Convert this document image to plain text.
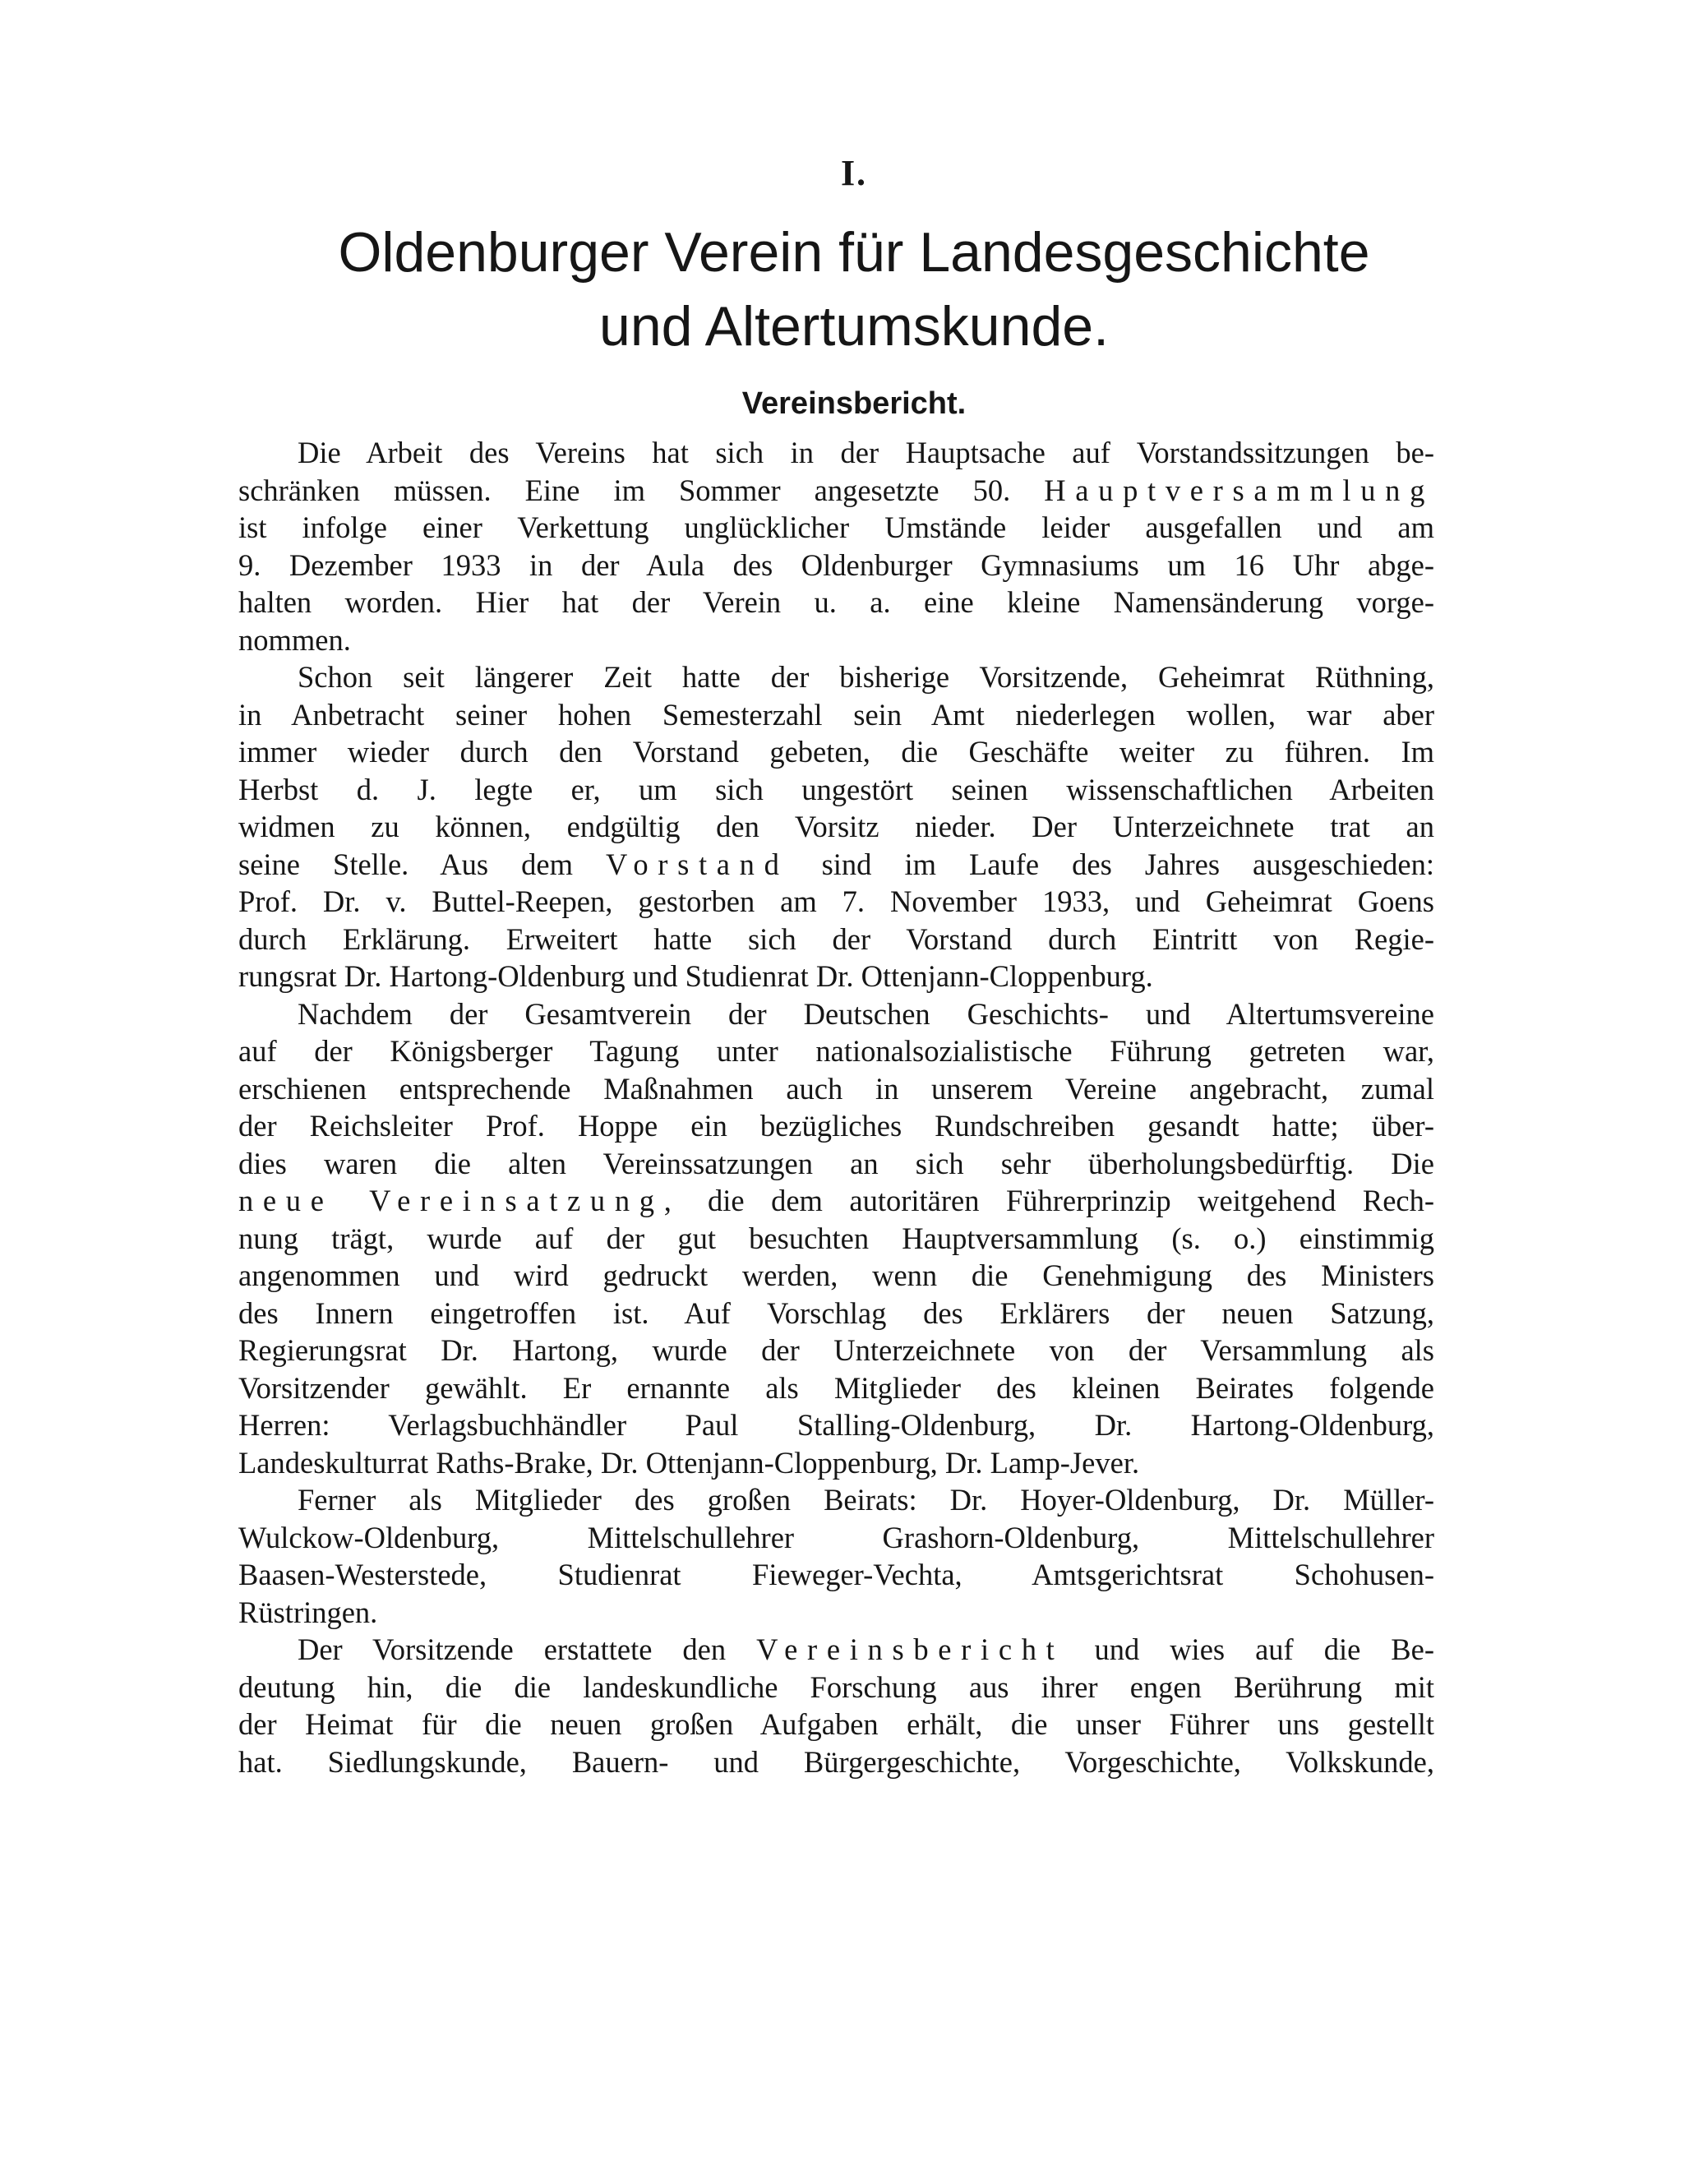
I.
Oldenburger Verein für Landesgeschichte
und Altertumskunde.
Vereinsbericht.
Die Arbeit des Vereins hat sich in der Hauptsache auf Vorstandssitzungen be-
schränken müssen. Eine im Sommer angesetzte 50. Hauptversammlung
ist infolge einer Verkettung unglücklicher Umstände leider ausgefallen und am
9. Dezember 1933 in der Aula des Oldenburger Gymnasiums um 16 Uhr abge-
halten worden. Hier hat der Verein u. a. eine kleine Namensänderung vorge-
nommen.
Schon seit längerer Zeit hatte der bisherige Vorsitzende, Geheimrat Rüthning,
in Anbetracht seiner hohen Semesterzahl sein Amt niederlegen wollen, war aber
immer wieder durch den Vorstand gebeten, die Geschäfte weiter zu führen. Im
Herbst d. J. legte er, um sich ungestört seinen wissenschaftlichen Arbeiten
widmen zu können, endgültig den Vorsitz nieder. Der Unterzeichnete trat an
seine Stelle. Aus dem Vorstand sind im Laufe des Jahres ausgeschieden:
Prof. Dr. v. Buttel-Reepen, gestorben am 7. November 1933, und Geheimrat Goens
durch Erklärung. Erweitert hatte sich der Vorstand durch Eintritt von Regie-
rungsrat Dr. Hartong-Oldenburg und Studienrat Dr. Ottenjann-Cloppenburg.
Nachdem der Gesamtverein der Deutschen Geschichts- und Altertumsvereine
auf der Königsberger Tagung unter nationalsozialistische Führung getreten war,
erschienen entsprechende Maßnahmen auch in unserem Vereine angebracht, zumal
der Reichsleiter Prof. Hoppe ein bezügliches Rundschreiben gesandt hatte; über-
dies waren die alten Vereinssatzungen an sich sehr überholungsbedürftig. Die
neue Vereinsatzung, die dem autoritären Führerprinzip weitgehend Rech-
nung trägt, wurde auf der gut besuchten Hauptversammlung (s. o.) einstimmig
angenommen und wird gedruckt werden, wenn die Genehmigung des Ministers
des Innern eingetroffen ist. Auf Vorschlag des Erklärers der neuen Satzung,
Regierungsrat Dr. Hartong, wurde der Unterzeichnete von der Versammlung als
Vorsitzender gewählt. Er ernannte als Mitglieder des kleinen Beirates folgende
Herren: Verlagsbuchhändler Paul Stalling-Oldenburg, Dr. Hartong-Oldenburg,
Landeskulturrat Raths-Brake, Dr. Ottenjann-Cloppenburg, Dr. Lamp-Jever.
Ferner als Mitglieder des großen Beirats: Dr. Hoyer-Oldenburg, Dr. Müller-
Wulckow-Oldenburg, Mittelschullehrer Grashorn-Oldenburg, Mittelschullehrer
Baasen-Westerstede, Studienrat Fieweger-Vechta, Amtsgerichtsrat Schohusen-
Rüstringen.
Der Vorsitzende erstattete den Vereinsbericht und wies auf die Be-
deutung hin, die die landeskundliche Forschung aus ihrer engen Berührung mit
der Heimat für die neuen großen Aufgaben erhält, die unser Führer uns gestellt
hat. Siedlungskunde, Bauern- und Bürgergeschichte, Vorgeschichte, Volkskunde,
